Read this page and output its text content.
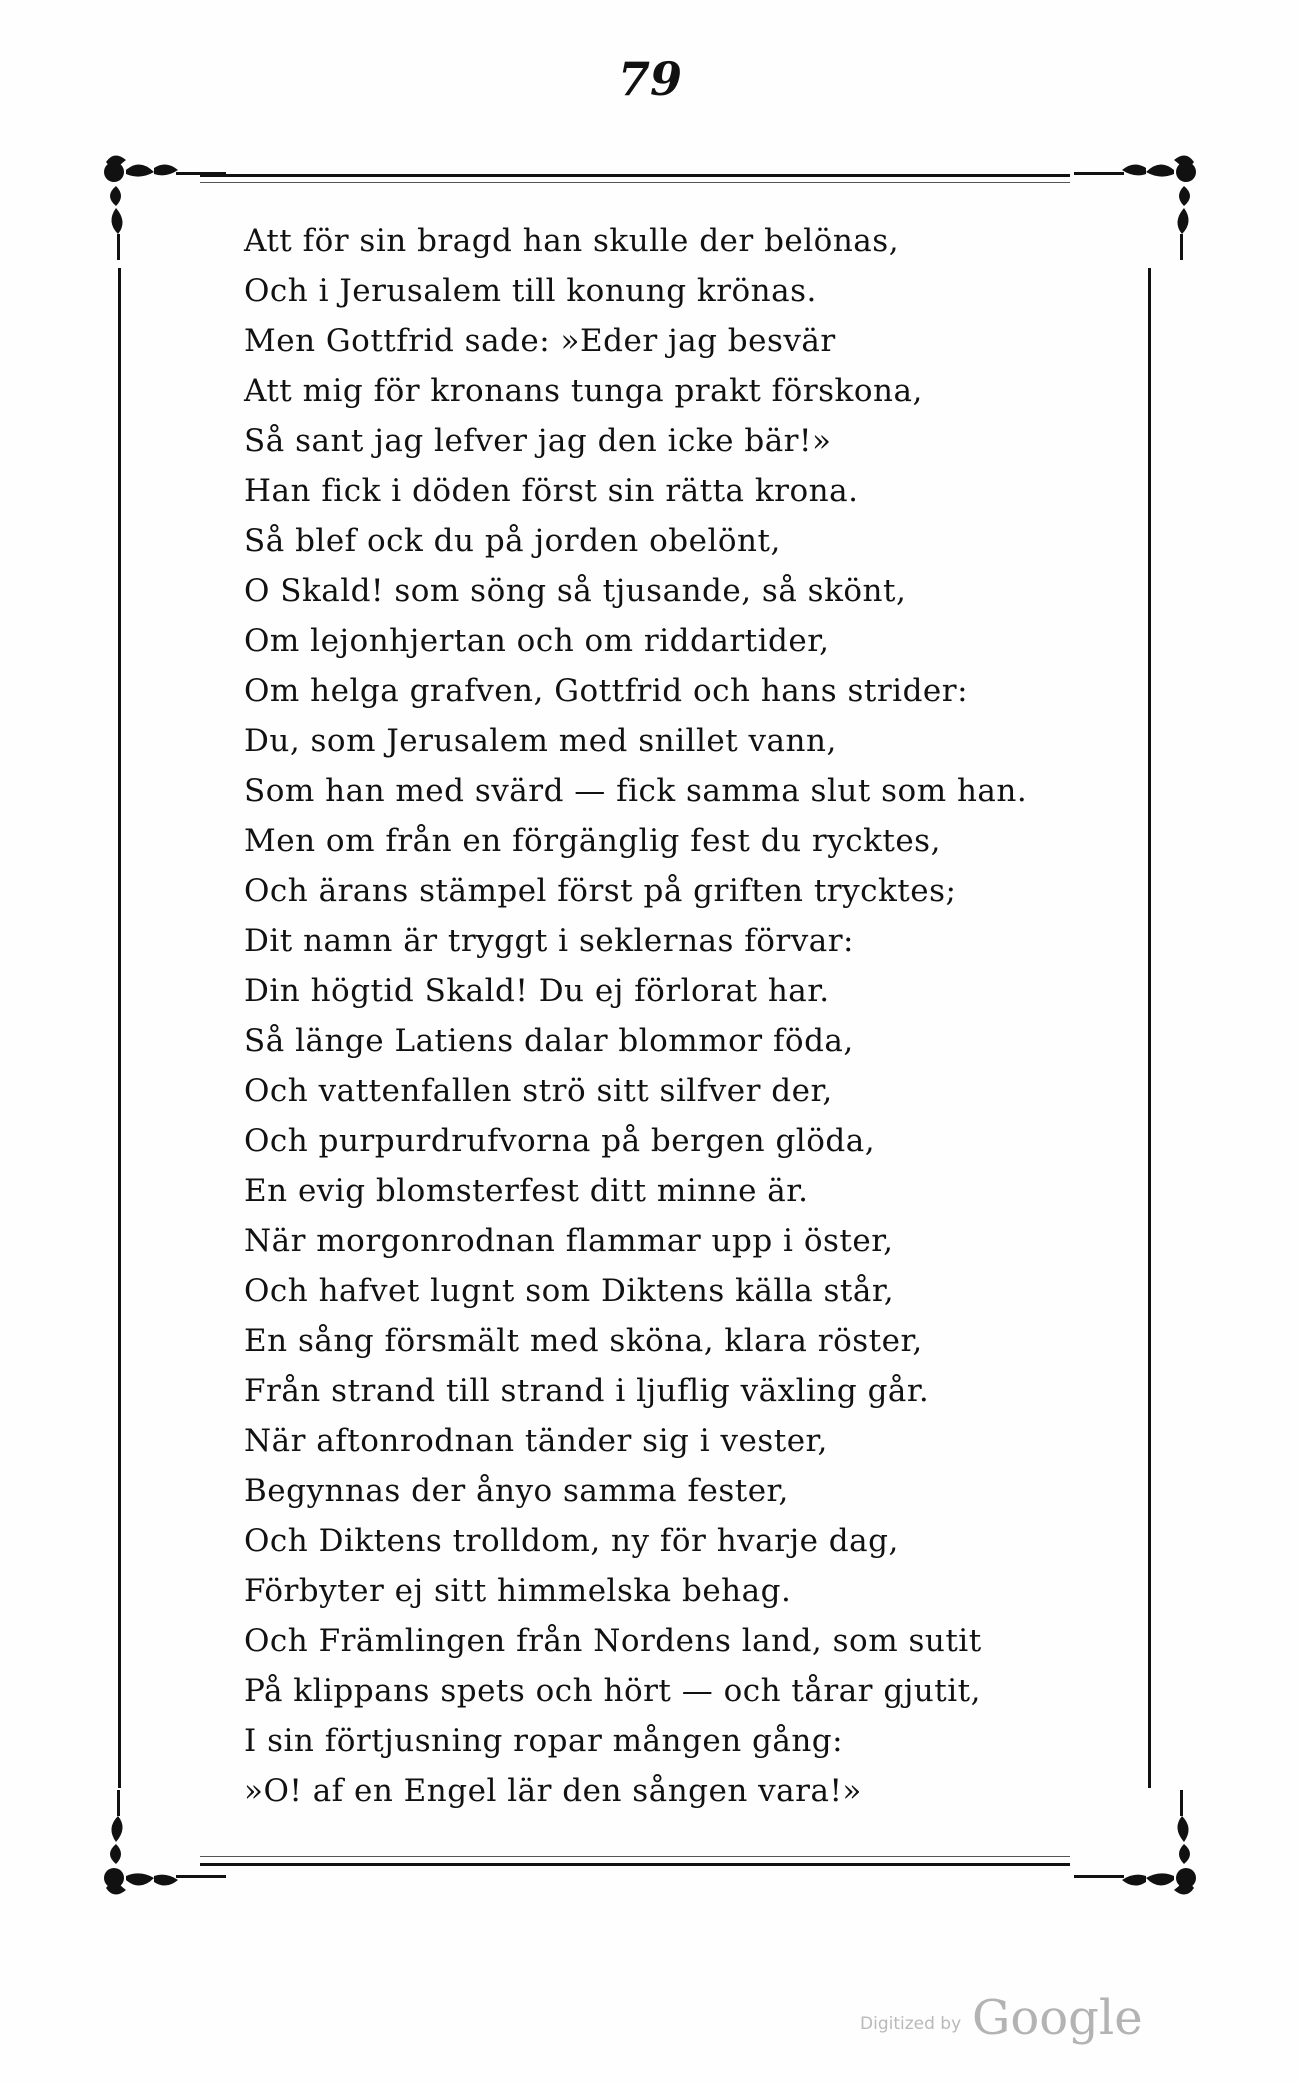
79
Att för sin bragd han skulle der belönas,
Och i Jerusalem till konung krönas.
Men Gottfrid sade: »Eder jag besvär
Att mig för kronans tunga prakt förskona,
Så sant jag lefver jag den icke bär!»
Han fick i döden först sin rätta krona.
Så blef ock du på jorden obelönt,
O Skald! som söng så tjusande, så skönt,
Om lejonhjertan och om riddartider,
Om helga grafven, Gottfrid och hans strider:
Du, som Jerusalem med snillet vann,
Som han med svärd — fick samma slut som han.
Men om från en förgänglig fest du rycktes,
Och ärans stämpel först på griften trycktes;
Dit namn är tryggt i seklernas förvar:
Din högtid Skald! Du ej förlorat har.
Så länge Latiens dalar blommor föda,
Och vattenfallen strö sitt silfver der,
Och purpurdrufvorna på bergen glöda,
En evig blomsterfest ditt minne är.
När morgonrodnan flammar upp i öster,
Och hafvet lugnt som Diktens källa står,
En sång försmält med sköna, klara röster,
Från strand till strand i ljuflig växling går.
När aftonrodnan tänder sig i vester,
Begynnas der ånyo samma fester,
Och Diktens trolldom, ny för hvarje dag,
Förbyter ej sitt himmelska behag.
Och Främlingen från Nordens land, som sutit
På klippans spets och hört — och tårar gjutit,
I sin förtjusning ropar mången gång:
»O! af en Engel lär den sången vara!»
Digitized by Google
